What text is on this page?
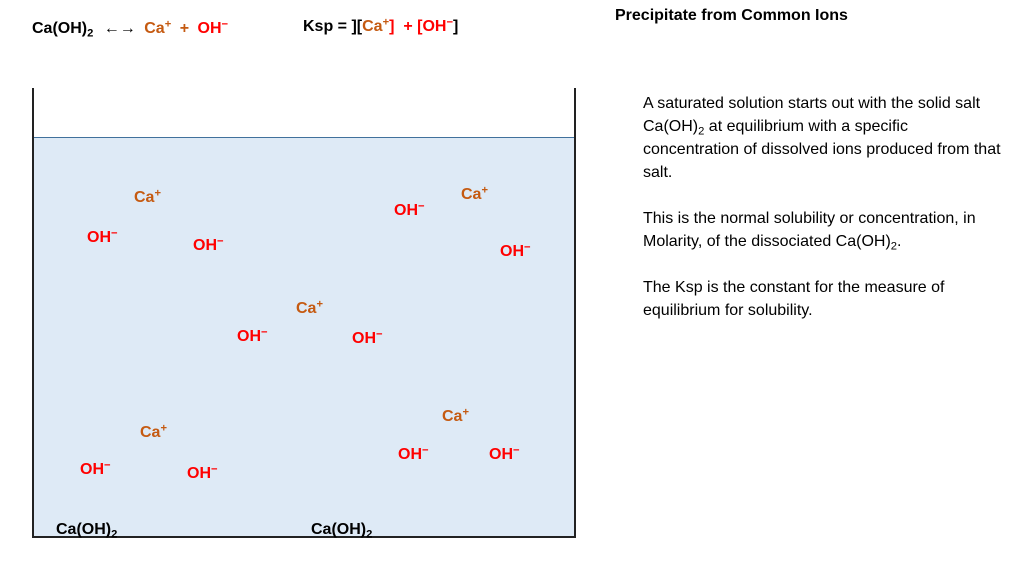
Precipitate from Common Ions
$Ca(OH)_2$ ←→ Ca+ + OH−	Ksp = ][Ca+]  + [OH−]
Ca+
OH−
OH−
OH−
Ca+
OH−
Ca+
OH−	OH−
Ca+
Ca+
OH−	OH−
OH−	OH−
$Ca(OH)_2$	$Ca(OH)_2$

A saturated solution starts out with the solid salt $Ca(OH)_2$ at equilibrium with a specific concentration of dissolved ions produced from that salt.

This is the normal solubility or concentration, in Molarity, of the dissociated $Ca(OH)_2$.

The Ksp is the constant for the measure of equilibrium for solubility.
